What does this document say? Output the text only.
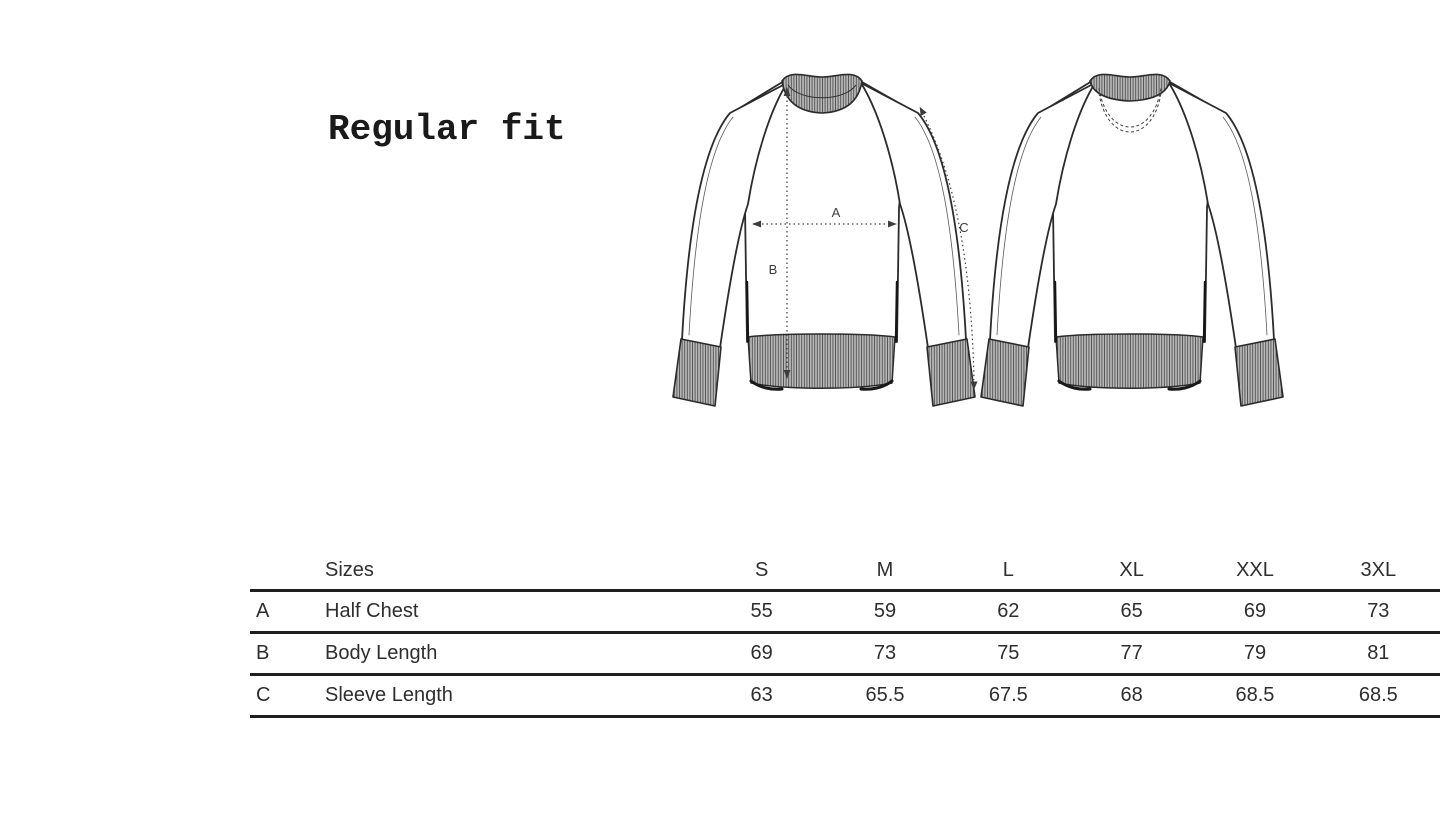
Regular fit
A
B
C
	Sizes	S	M	L	XL	XXL	3XL
A	Half Chest	55	59	62	65	69	73
B	Body Length	69	73	75	77	79	81
C	Sleeve Length	63	65.5	67.5	68	68.5	68.5
